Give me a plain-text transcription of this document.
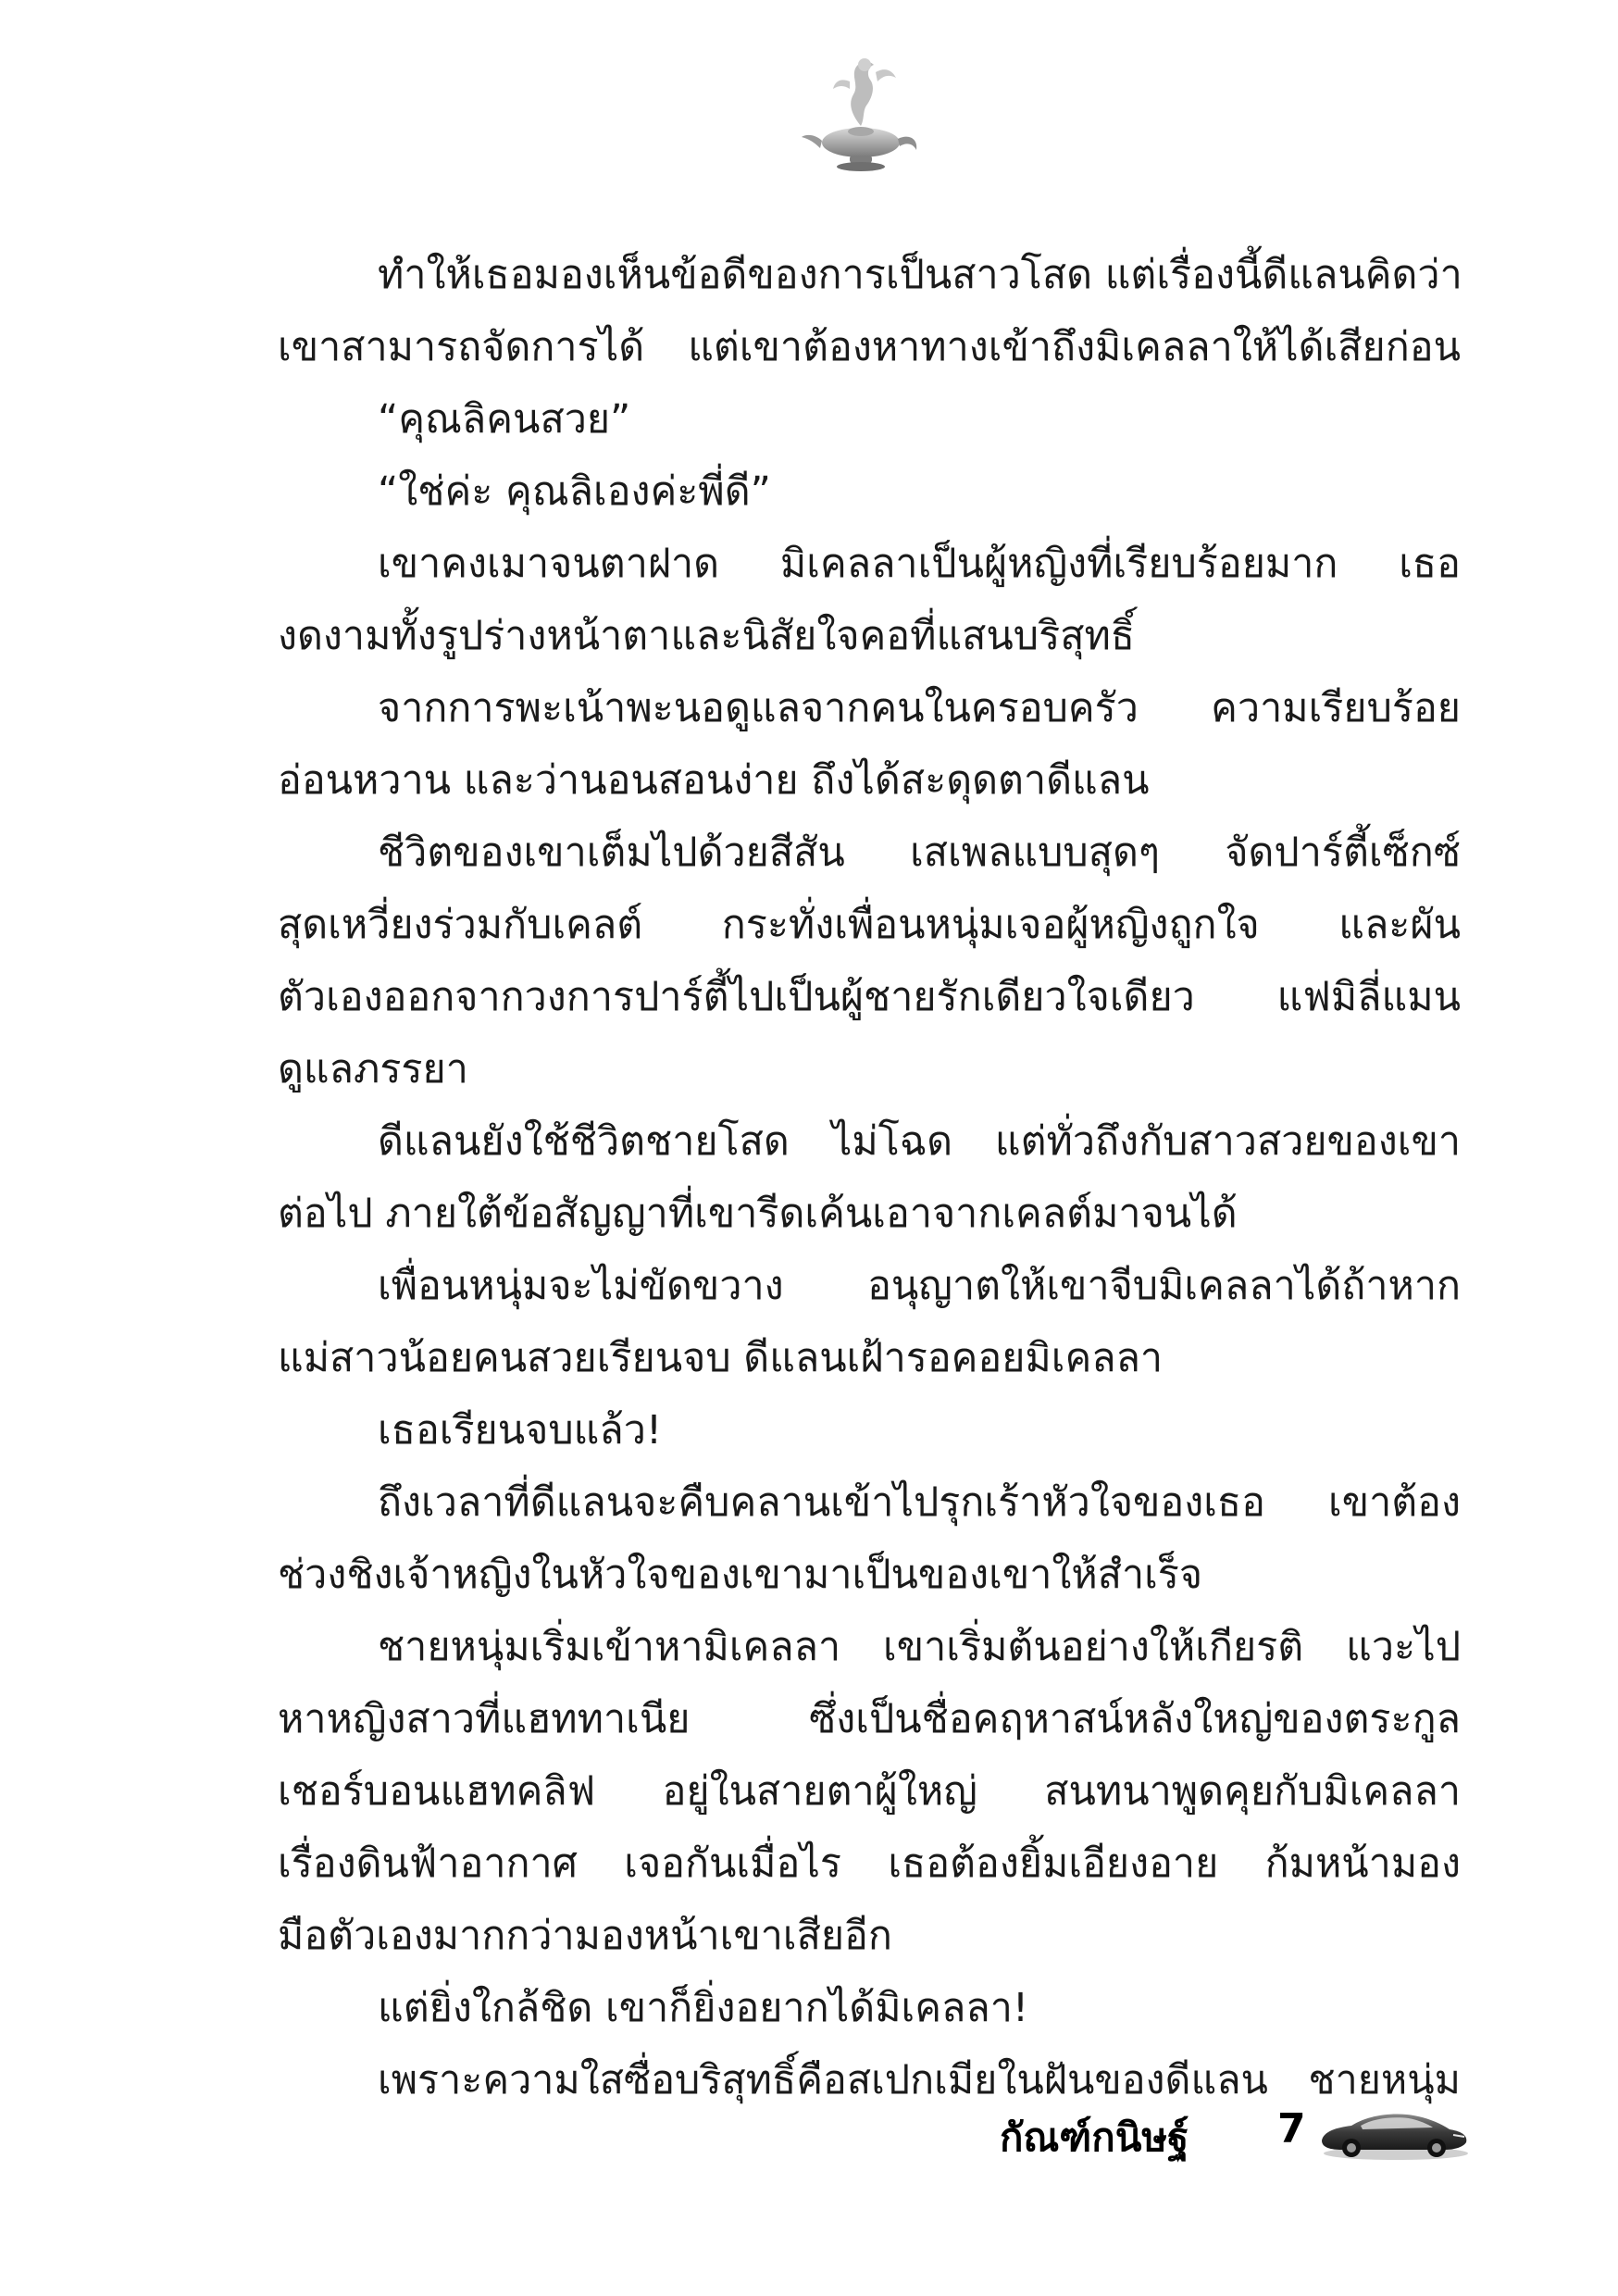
ทำให้เธอมองเห็นข้อดีของการเป็นสาวโสด แต่เรื่องนี้ดีแลนคิดว่า

เขาสามารถจัดการได้ แต่เขาต้องหาทางเข้าถึงมิเคลลาให้ได้เสียก่อน

“คุณลิคนสวย”

“ใช่ค่ะ คุณลิเองค่ะพี่ดี”

เขาคงเมาจนตาฝาด มิเคลลาเป็นผู้หญิงที่เรียบร้อยมาก เธอ

งดงามทั้งรูปร่างหน้าตาและนิสัยใจคอที่แสนบริสุทธิ์

จากการพะเน้าพะนอดูแลจากคนในครอบครัว ความเรียบร้อย

อ่อนหวาน และว่านอนสอนง่าย ถึงได้สะดุดตาดีแลน

ชีวิตของเขาเต็มไปด้วยสีสัน เสเพลแบบสุดๆ จัดปาร์ตี้เซ็กซ์

สุดเหวี่ยงร่วมกับเคลต์ กระทั่งเพื่อนหนุ่มเจอผู้หญิงถูกใจ และผัน

ตัวเองออกจากวงการปาร์ตี้ไปเป็นผู้ชายรักเดียวใจเดียว แฟมิลี่แมน

ดูแลภรรยา

ดีแลนยังใช้ชีวิตชายโสด ไม่โฉด แต่ทั่วถึงกับสาวสวยของเขา

ต่อไป ภายใต้ข้อสัญญาที่เขารีดเค้นเอาจากเคลต์มาจนได้

เพื่อนหนุ่มจะไม่ขัดขวาง อนุญาตให้เขาจีบมิเคลลาได้ถ้าหาก

แม่สาวน้อยคนสวยเรียนจบ ดีแลนเฝ้ารอคอยมิเคลลา

เธอเรียนจบแล้ว!

ถึงเวลาที่ดีแลนจะคืบคลานเข้าไปรุกเร้าหัวใจของเธอ เขาต้อง

ช่วงชิงเจ้าหญิงในหัวใจของเขามาเป็นของเขาให้สำเร็จ

ชายหนุ่มเริ่มเข้าหามิเคลลา เขาเริ่มต้นอย่างให้เกียรติ แวะไป

หาหญิงสาวที่แฮททาเนีย ซึ่งเป็นชื่อคฤหาสน์หลังใหญ่ของตระกูล

เชอร์บอนแฮทคลิฟ อยู่ในสายตาผู้ใหญ่ สนทนาพูดคุยกับมิเคลลา

เรื่องดินฟ้าอากาศ เจอกันเมื่อไร เธอต้องยิ้มเอียงอาย ก้มหน้ามอง

มือตัวเองมากกว่ามองหน้าเขาเสียอีก

แต่ยิ่งใกล้ชิด เขาก็ยิ่งอยากได้มิเคลลา!

เพราะความใสซื่อบริสุทธิ์คือสเปกเมียในฝันของดีแลน ชายหนุ่ม

กัณฑ์กนิษฐ์ 7
